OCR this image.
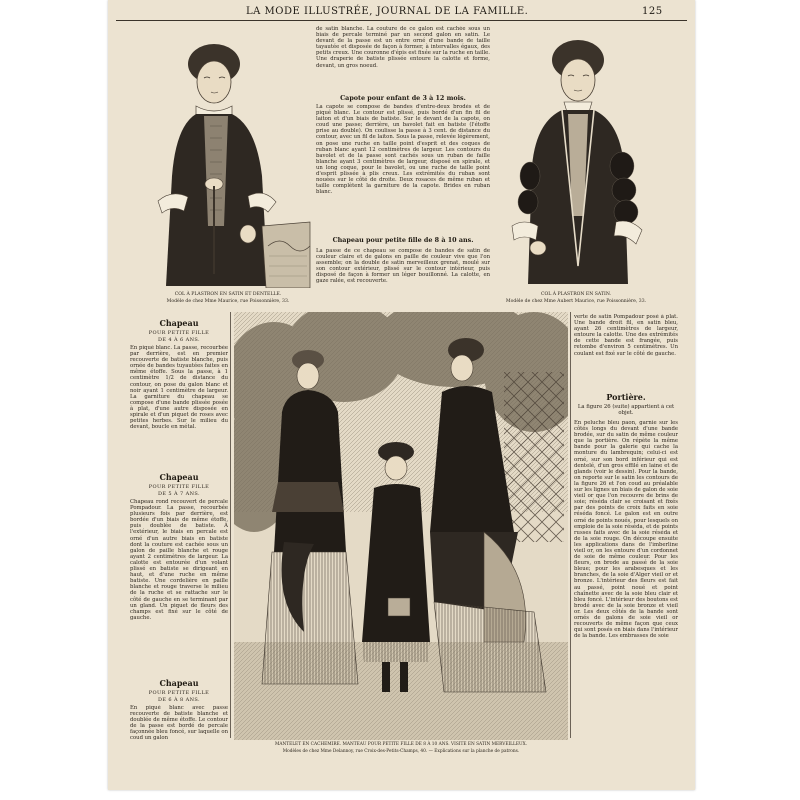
LA MODE ILLUSTRÉE, JOURNAL DE LA FAMILLE.	125
COL À PLASTRON EN SATIN ET DENTELLE.
Modèle de chez Mme Maurice, rue Poissonnière, 33.
COL À PLASTRON EN SATIN.
Modèle de chez Mme Aubert Maurice, rue Poissonnière, 33.
de satin blanche. La couture de ce galon est cachée sous un biais de percale terminé par un second galon en satin. Le devant de la passe est un entre orné d'une bande de taille tayautée et disposée de façon à former, à intervalles égaux, des petits creux. Une couronne d'épis est fixée sur la ruche en taille. Une draperie de batiste plissée entoure la calotte et forme, devant, un gros noeud.
Capote pour enfant de 3 à 12 mois.
La capote se compose de bandes d'entre-deux brodés et de piqué blanc. Le contour est plissé, puis bordé d'un fin fil de laiton et d'un biais de batiste. Sur le devant de la capote, on coud une passe; derrière, un bavolet fait en batiste (l'étoffe prise au double). On coulisse la passe à 3 cent. de distance du contour, avec un fil de laiton. Sous la passe, relevée légèrement, on pose une ruche en taille point d'esprit et des coques de ruban blanc ayant 12 centimètres de largeur. Les contours du bavolet et de la passe sont cachés sous un ruban de faille blanche ayant 3 centimètres de largeur, disposé en spirale, et un long coque, pour le bavolet, ou une ruche de taille point d'esprit plissée à plis creux. Les extrémités du ruban sont nouées sur le côté de droite. Deux rosaces de même ruban et taille complètent la garniture de la capote. Brides en ruban blanc.
Chapeau pour petite fille de 8 à 10 ans.
La passe de ce chapeau se compose de bandes de satin de couleur claire et de galons en paille de couleur vive que l'on assemble; on la double de satin merveilleux grenat, moulé sur son contour extérieur, plissé sur le contour intérieur, puis disposé de façon à former un léger bouillonné. La calotte, en gaze ralée, est recouverte.
Chapeau
POUR PETITE FILLE
DE 4 À 6 ANS.
En piqué blanc. La passe, recourbée par derrière, est en premier recouverte de batiste blanche, puis ornée de bandes tuyautées faites en même étoffe. Sous la passe, à 1 centimètre 1/2 de distance du contour, on pose du galon blanc et noir ayant 1 centimètre de largeur. La garniture du chapeau se compose d'une bande plissée posée à plat, d'une autre disposée en spirale et d'un piquet de roses avec petites herbes. Sur le milieu du devant, boucle en métal.
Chapeau
POUR PETITE FILLE
DE 5 À 7 ANS.
Chapeau rond recouvert de percale Pompadour. La passe, recourbée plusieurs fois par derrière, est bordée d'un biais de même étoffe, puis doublée de batiste. À l'extérieur, le biais en percale est orné d'un autre biais en batiste dont la couture est cachée sous un galon de paille blanche et rouge ayant 2 centimètres de largeur. La calotte est entourée d'un volant plissé en batiste se dirigeant en haut, et d'une ruche en même batiste. Une cordelière en paille blanche et rouge traverse le milieu de la ruche et se rattache sur le côté de gauche en se terminant par un gland. Un piquet de fleurs des champs est fixé sur le côté de gauche.
Chapeau
POUR PETITE FILLE
DE 6 À 8 ANS.
En piqué blanc avec passe recouverte de batiste blanche et doublée de même étoffe. Le contour de la passe est bordé de percale façonnée bleu foncé, sur laquelle on coud un galon
verte de satin Pompadour posé à plat. Une bande droit fil, en satin bleu, ayant 26 centimètres de largeur, entoure la calotte. Une des extrémités de cette bande est frangée, puis retombe d'environ 5 centimètres. Un coulant est fixé sur le côté de gauche.
Portière.
La figure 26 (suite) appartient à cet objet.
En peluche bleu paon, garnie sur les côtés longs du devant d'une bande brodée, sur du satin de même couleur que la portière. On répète la même bande pour la galerie qui cache la monture du lambrequin; celui-ci est orné, sur son bord inférieur qui est dentelé, d'un gros effilé en laine et de glands (voir le dessin). Pour la bande, on reporte sur le satin les contours de la figure 26 et l'on coud au préalable sur les lignes un biais de galon de soie vieil or que l'on recouvre de brins de soie; réséda clair se croisant et fixés par des points de croix faits en soie réséda foncé. Le galon est en outre orné de points noués, pour lesquels on emploie de la soie réséda, et de points russes faits avec de la soie réséda et de la soie rouge. On découpe ensuite les applications dans de l'imberline vieil or, on les entoure d'un cordonnet de soie de même couleur. Pour les fleurs, on brode au passé de la soie bleue; pour les arabesques et les branches, de la soie d'Alger vieil or et bronze. L'intérieur des fleurs est fait au passé, point noué et point chaînette avec de la soie bleu clair et bleu foncé. L'intérieur des boutons est brodé avec de la soie bronze et vieil or. Les deux côtés de la bande sont ornés de galons de soie vieil or recouverts de même façon que ceux qui sont posés en biais dans l'intérieur de la bande. Les embrasses de soie
MANTELET EN CACHEMIRE. MANTEAU POUR PETITE FILLE DE 8 À 10 ANS. VISITE EN SATIN MERVEILLEUX.
Modèles de chez Mme Delannoy, rue Croix-des-Petits-Champs, 40. — Explications sur la planche de patrons.
